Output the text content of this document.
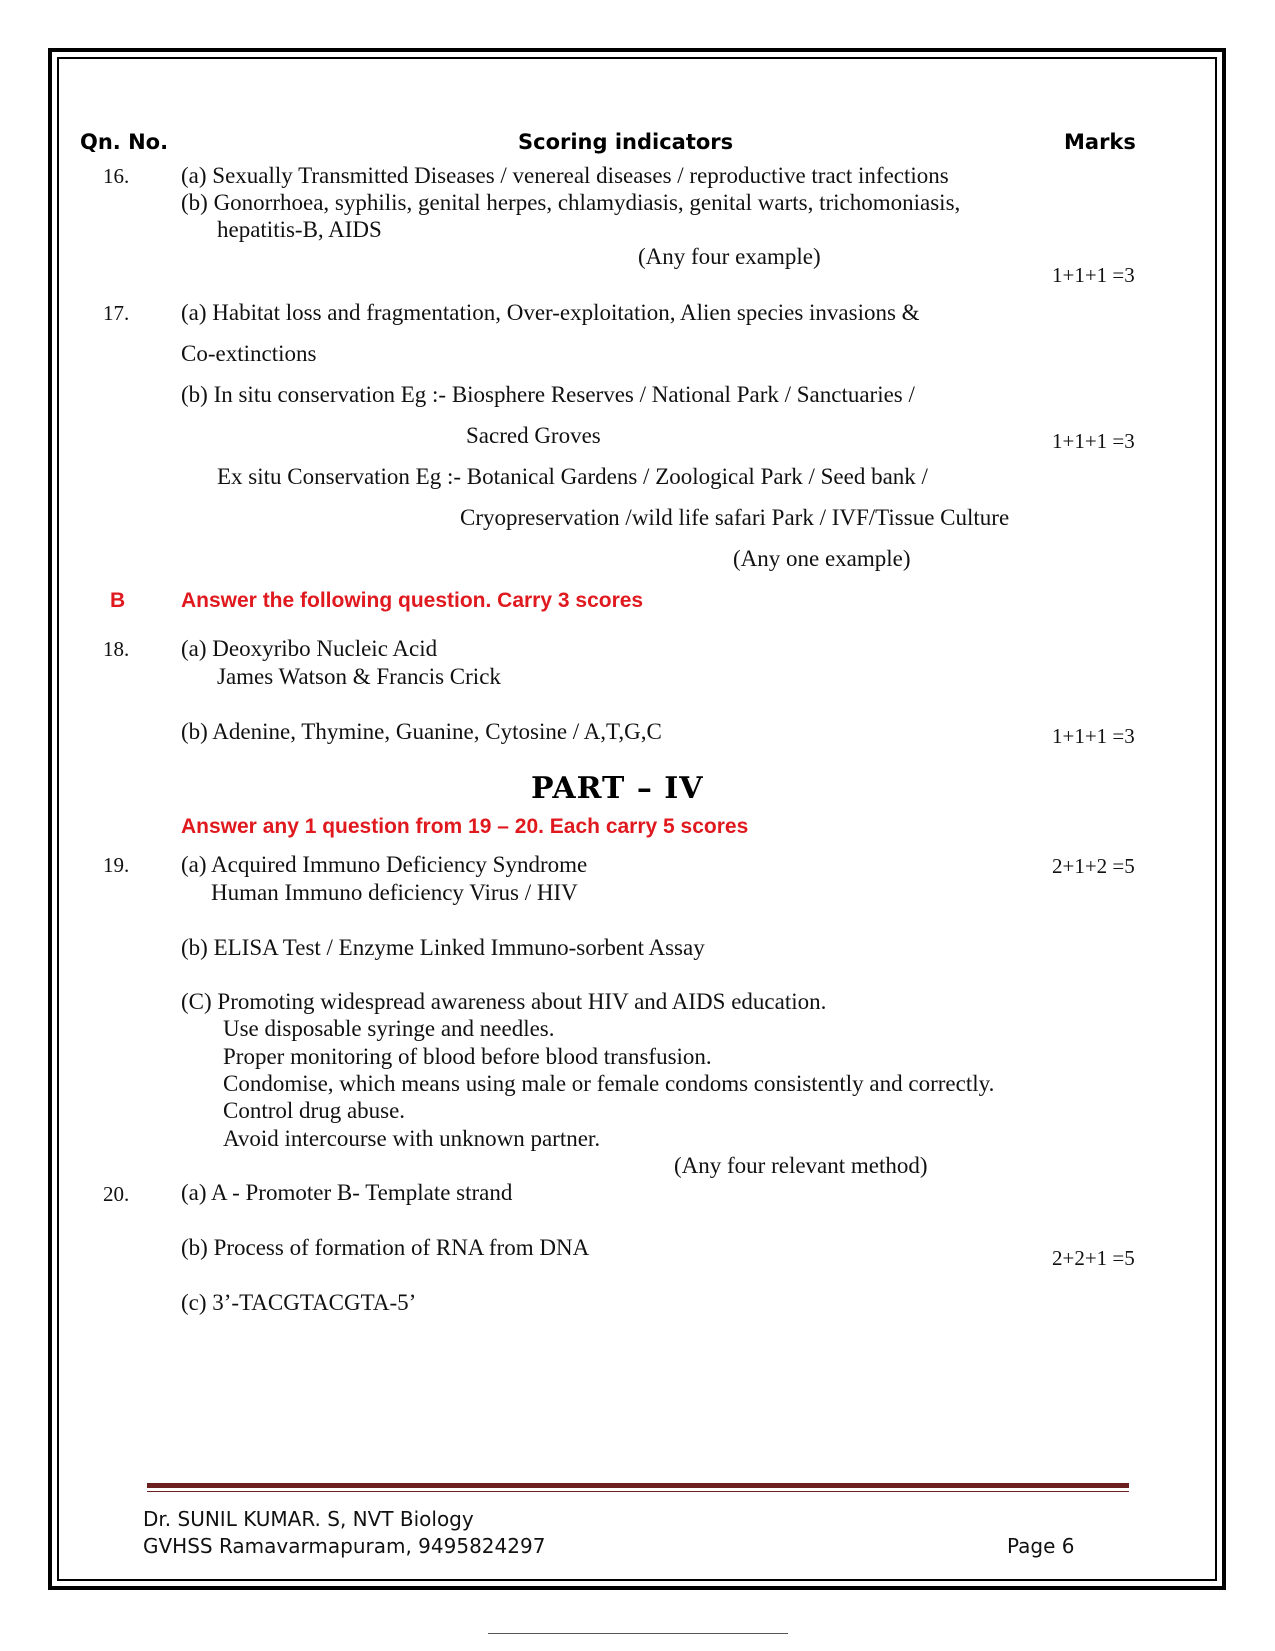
Qn. No.	Scoring indicators	Marks
16. (a) Sexually Transmitted Diseases / venereal diseases / reproductive tract infections
(b) Gonorrhoea, syphilis, genital herpes, chlamydiasis, genital warts, trichomoniasis,
hepatitis-B, AIDS
(Any four example)
1+1+1 =3
17. (a) Habitat loss and fragmentation, Over-exploitation, Alien species invasions &
Co-extinctions
(b) In situ conservation Eg :- Biosphere Reserves / National Park / Sanctuaries /
Sacred Groves	1+1+1 =3
Ex situ Conservation Eg :- Botanical Gardens / Zoological Park / Seed bank /
Cryopreservation /wild life safari Park / IVF/Tissue Culture
(Any one example)
B	Answer the following question. Carry 3 scores
18. (a) Deoxyribo Nucleic Acid
James Watson & Francis Crick
(b) Adenine, Thymine, Guanine, Cytosine / A,T,G,C	1+1+1 =3
PART – IV
Answer any 1 question from 19 – 20. Each carry 5 scores
19. (a) Acquired Immuno Deficiency Syndrome	2+1+2 =5
Human Immuno deficiency Virus / HIV
(b) ELISA Test / Enzyme Linked Immuno-sorbent Assay
(C) Promoting widespread awareness about HIV and AIDS education.
Use disposable syringe and needles.
Proper monitoring of blood before blood transfusion.
Condomise, which means using male or female condoms consistently and correctly.
Control drug abuse.
Avoid intercourse with unknown partner.
(Any four relevant method)
20. (a) A - Promoter B- Template strand
(b) Process of formation of RNA from DNA	2+2+1 =5
(c) 3’-TACGTACGTA-5’
Dr. SUNIL KUMAR. S, NVT Biology
GVHSS Ramavarmapuram, 9495824297	Page 6
